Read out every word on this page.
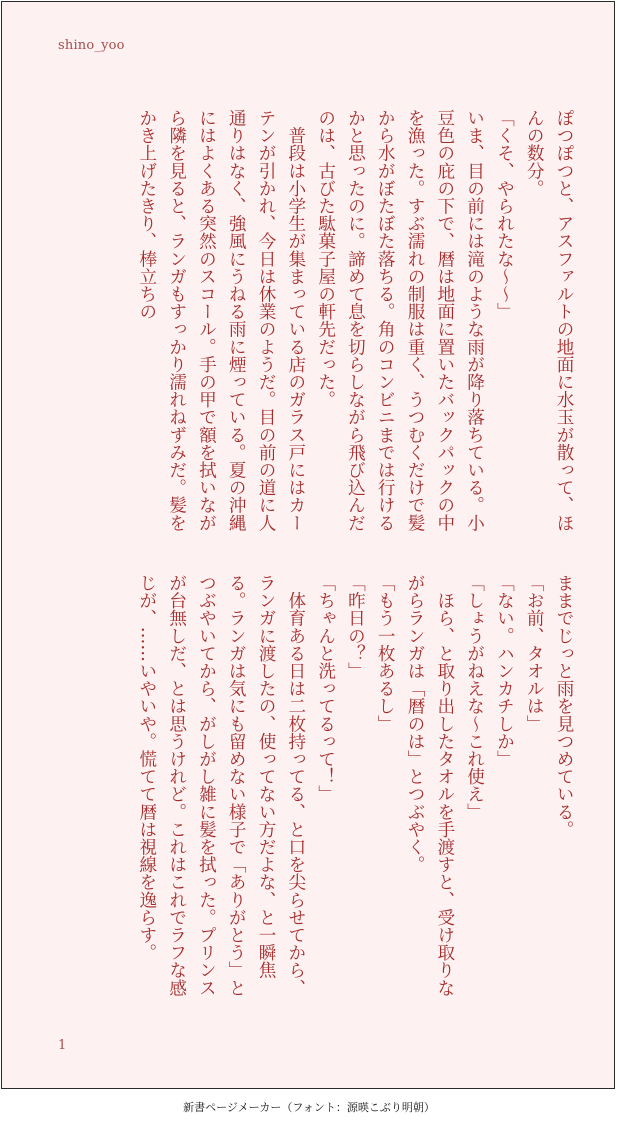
shino_yoo

ぽつぽつと、アスファルトの地面に水玉が散って、ほんの数分。

「くそ、やられたな〜〜」

いま、目の前には滝のような雨が降り落ちている。小豆色の庇の下で、暦は地面に置いたバックパックの中を漁った。すぶ濡れの制服は重く、うつむくだけで髪から水がぼたぼた落ちる。角のコンビニまでは行けるかと思ったのに。諦めて息を切らしながら飛び込んだのは、古びた駄菓子屋の軒先だった。

　普段は小学生が集まっている店のガラス戸にはカーテンが引かれ、今日は休業のようだ。目の前の道に人通りはなく、強風にうねる雨に煙っている。夏の沖縄にはよくある突然のスコール。手の甲で額を拭いながら隣を見ると、ランガもすっかり濡れねずみだ。髪をかき上げたきり、棒立ちの

ままでじっと雨を見つめている。

「お前、タオルは」

「ない。ハンカチしか」

「しょうがねえな〜これ使え」

　ほら、と取り出したタオルを手渡すと、受け取りながらランガは「暦のは」とつぶやく。

「もう一枚あるし」

「昨日の？」

「ちゃんと洗ってるって！」

　体育ある日は二枚持ってる、と口を尖らせてから、ランガに渡したの、使ってない方だよな、と一瞬焦る。ランガは気にも留めない様子で「ありがとう」とつぶやいてから、がしがし雑に髪を拭った。プリンスが台無しだ、とは思うけれど。これはこれでラフな感じが、……いやいや。慌てて暦は視線を逸らす。

1
新書ページメーカー（フォント：源暎こぶり明朝）
